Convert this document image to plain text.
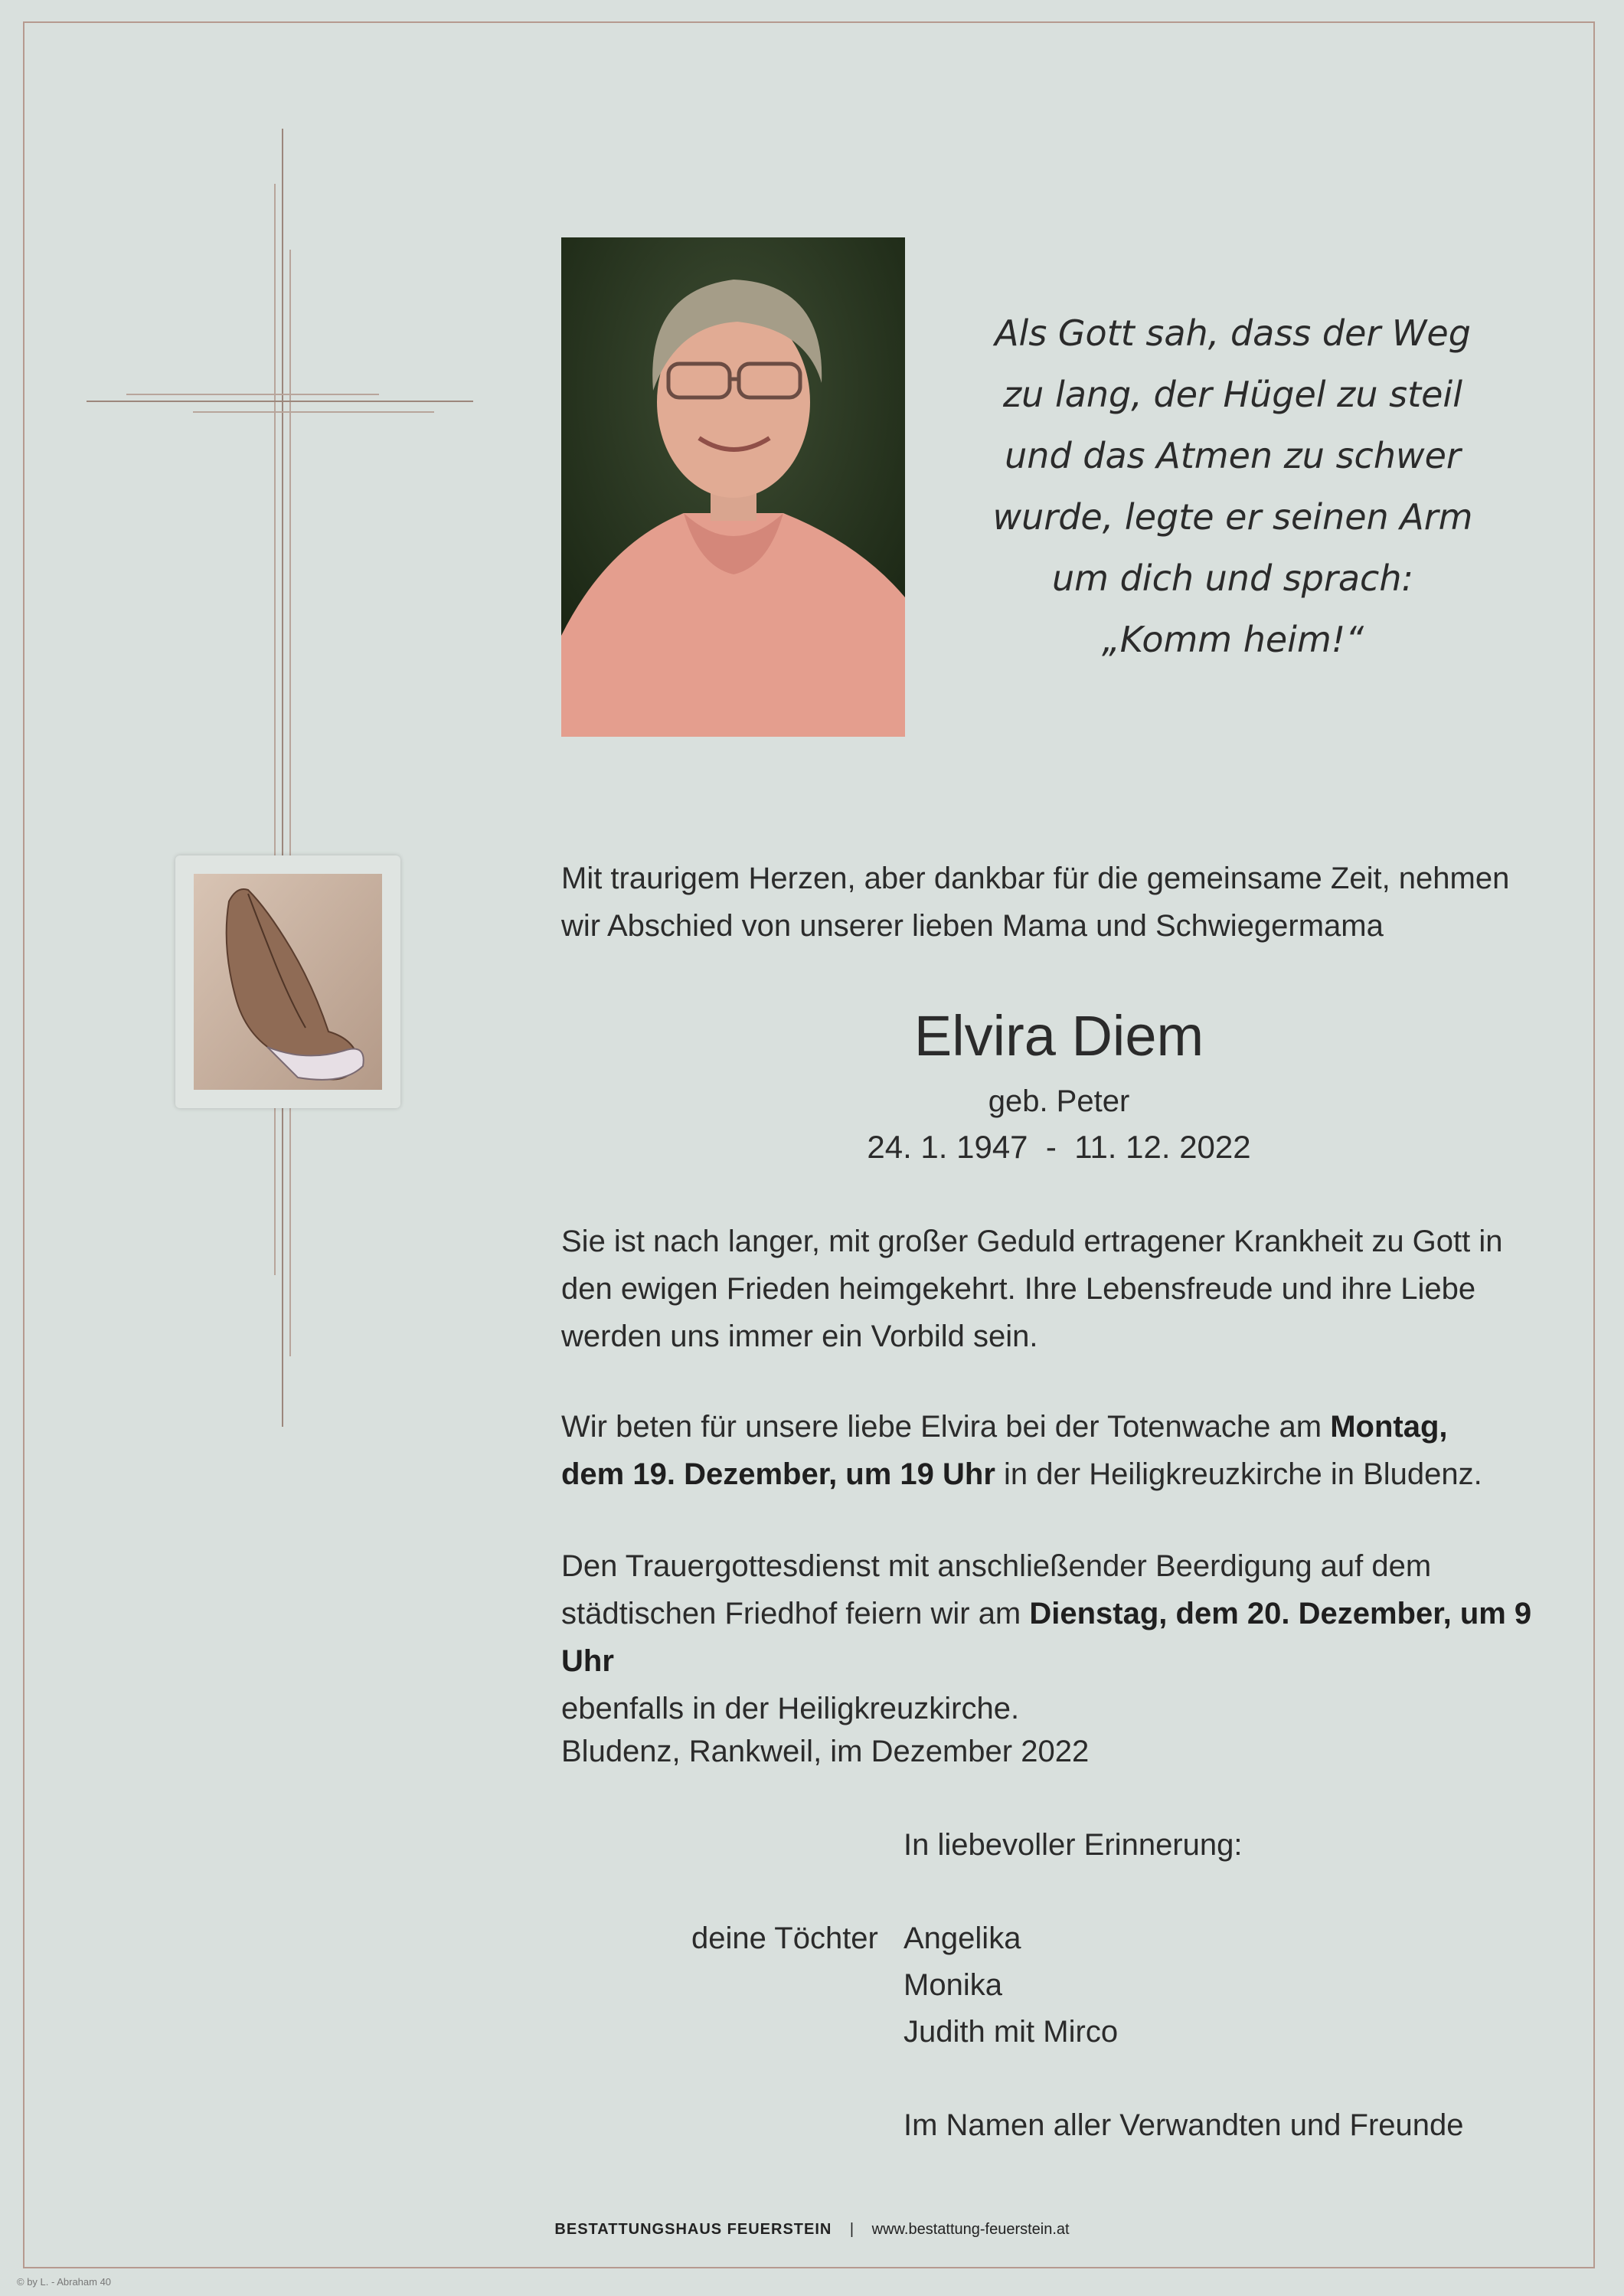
Als Gott sah, dass der Weg
zu lang, der Hügel zu steil
und das Atmen zu schwer
wurde, legte er seinen Arm
um dich und sprach:
„Komm heim!“
Mit traurigem Herzen, aber dankbar für die gemeinsame Zeit, nehmen
wir Abschied von unserer lieben Mama und Schwiegermama
Elvira Diem
geb. Peter
24. 1. 1947  -  11. 12. 2022
Sie ist nach langer, mit großer Geduld ertragener Krankheit zu Gott in
den ewigen Frieden heimgekehrt. Ihre Lebensfreude und ihre Liebe
werden uns immer ein Vorbild sein.
Wir beten für unsere liebe Elvira bei der Totenwache am Montag,
dem 19. Dezember, um 19 Uhr in der Heiligkreuzkirche in Bludenz.
Den Trauergottesdienst mit anschließender Beerdigung auf dem
städtischen Friedhof feiern wir am Dienstag, dem 20. Dezember, um 9 Uhr
ebenfalls in der Heiligkreuzkirche.
Bludenz, Rankweil, im Dezember 2022
In liebevoller Erinnerung:
deine Töchter Angelika
Monika
Judith mit Mirco
Im Namen aller Verwandten und Freunde
BESTATTUNGSHAUS FEUERSTEIN | www.bestattung-feuerstein.at
© by L. - Abraham 40
